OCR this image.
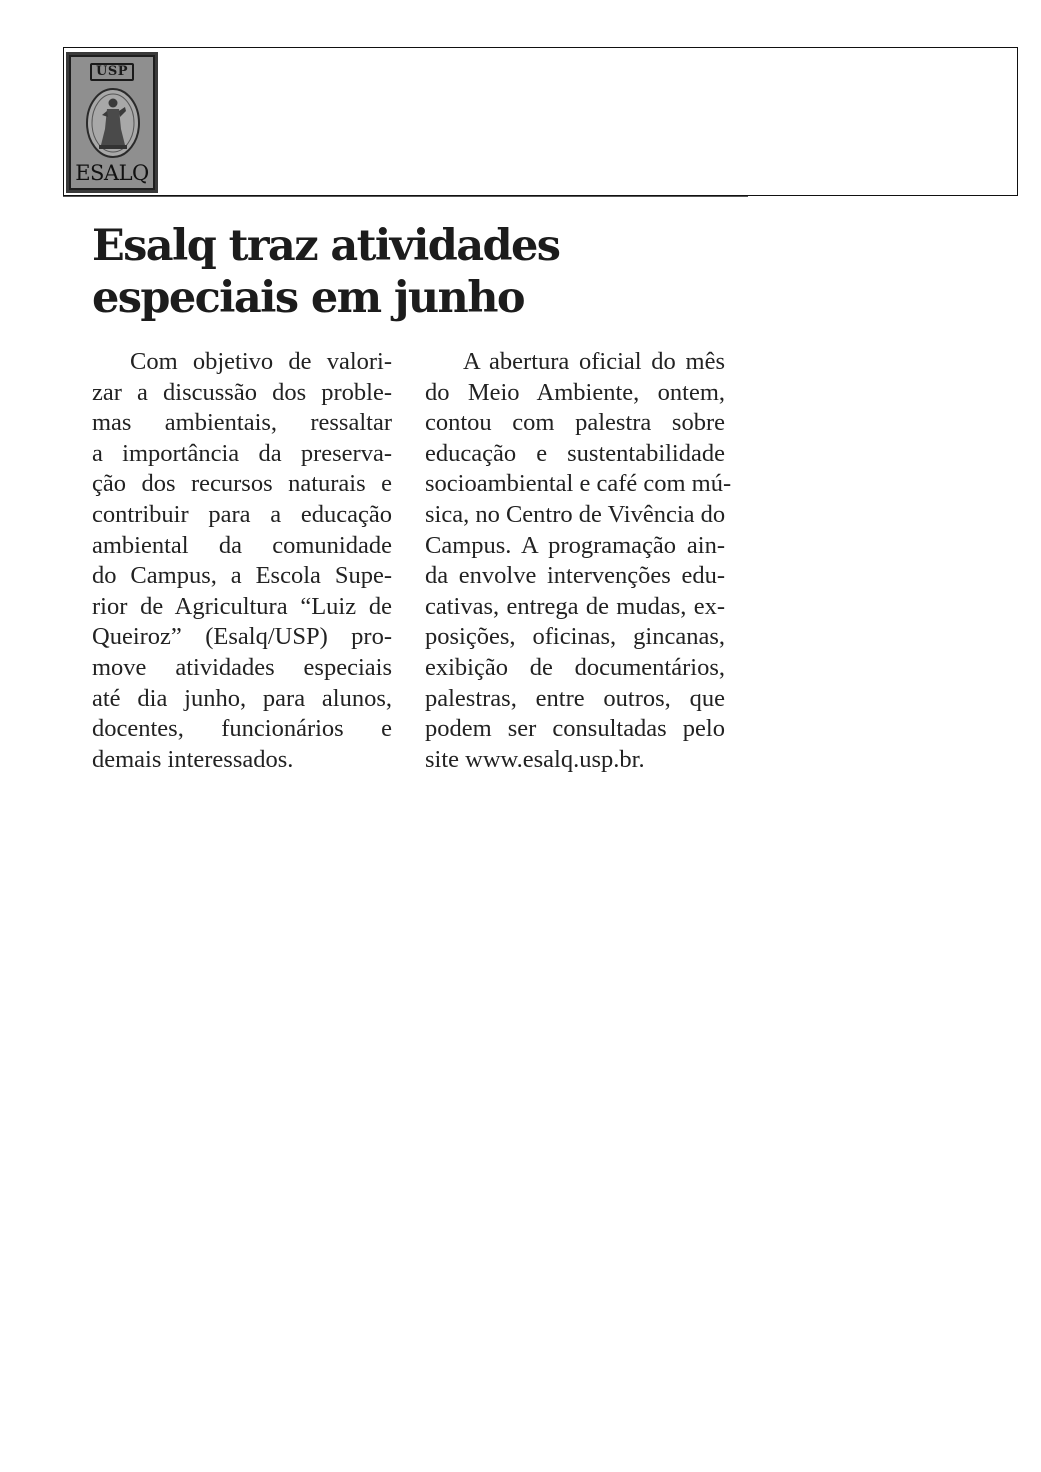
USP
ESALQ
Esalq traz atividades
especiais em junho
Com objetivo de valori-
zar a discussão dos proble-
mas ambientais, ressaltar
a importância da preserva-
ção dos recursos naturais e
contribuir para a educação
ambiental da comunidade
do Campus, a Escola Supe-
rior de Agricultura “Luiz de
Queiroz” (Esalq/USP) pro-
move atividades especiais
até dia junho, para alunos,
docentes, funcionários e
demais interessados.
A abertura oficial do mês
do Meio Ambiente, ontem,
contou com palestra sobre
educação e sustentabilidade
socioambiental e café com mú-
sica, no Centro de Vivência do
Campus. A programação ain-
da envolve intervenções edu-
cativas, entrega de mudas, ex-
posições, oficinas, gincanas,
exibição de documentários,
palestras, entre outros, que
podem ser consultadas pelo
site www.esalq.usp.br.
